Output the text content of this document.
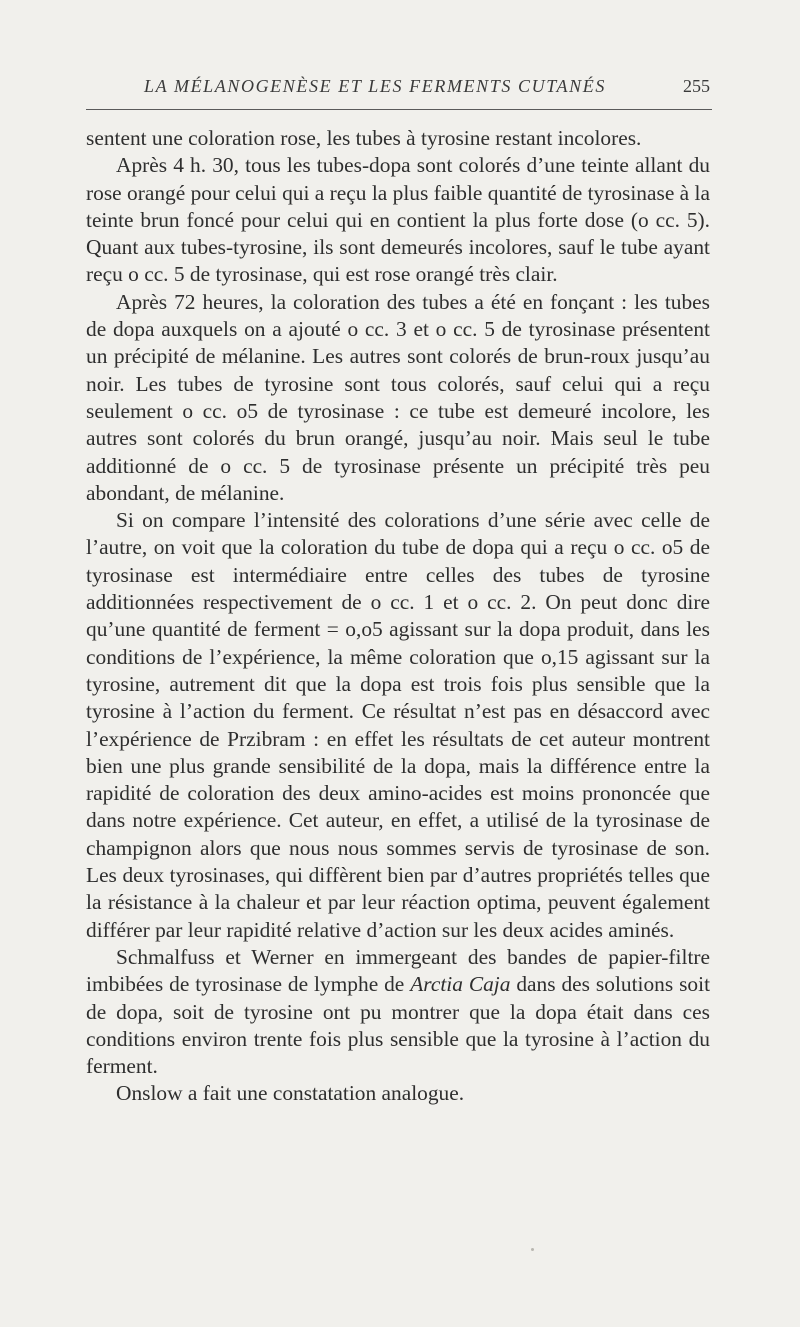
LA MÉLANOGENÈSE ET LES FERMENTS CUTANÉS	255

sentent une coloration rose, les tubes à tyrosine restant incolores.

Après 4 h. 30, tous les tubes-dopa sont colorés d’une teinte allant du rose orangé pour celui qui a reçu la plus faible quantité de tyrosinase à la teinte brun foncé pour celui qui en contient la plus forte dose (o cc. 5). Quant aux tubes-tyrosine, ils sont demeurés incolores, sauf le tube ayant reçu o cc. 5 de tyrosinase, qui est rose orangé très clair.

Après 72 heures, la coloration des tubes a été en fonçant : les tubes de dopa auxquels on a ajouté o cc. 3 et o cc. 5 de tyrosinase présentent un précipité de mélanine. Les autres sont colorés de brun-roux jusqu’au noir. Les tubes de tyrosine sont tous colorés, sauf celui qui a reçu seulement o cc. o5 de tyrosinase : ce tube est demeuré incolore, les autres sont colorés du brun orangé, jusqu’au noir. Mais seul le tube additionné de o cc. 5 de tyrosinase présente un précipité très peu abondant, de mélanine.

Si on compare l’intensité des colorations d’une série avec celle de l’autre, on voit que la coloration du tube de dopa qui a reçu o cc. o5 de tyrosinase est intermédiaire entre celles des tubes de tyrosine additionnées respectivement de o cc. 1 et o cc. 2. On peut donc dire qu’une quantité de ferment = o,o5 agissant sur la dopa produit, dans les conditions de l’expérience, la même coloration que o,15 agissant sur la tyrosine, autrement dit que la dopa est trois fois plus sensible que la tyrosine à l’action du ferment. Ce résultat n’est pas en désaccord avec l’expérience de Przibram : en effet les résultats de cet auteur montrent bien une plus grande sensibilité de la dopa, mais la différence entre la rapidité de coloration des deux amino-acides est moins prononcée que dans notre expérience. Cet auteur, en effet, a utilisé de la tyrosinase de champignon alors que nous nous sommes servis de tyrosinase de son. Les deux tyrosinases, qui diffèrent bien par d’autres propriétés telles que la résistance à la chaleur et par leur réaction optima, peuvent également différer par leur rapidité relative d’action sur les deux acides aminés.

Schmalfuss et Werner en immergeant des bandes de papier-filtre imbibées de tyrosinase de lymphe de Arctia Caja dans des solutions soit de dopa, soit de tyrosine ont pu montrer que la dopa était dans ces conditions environ trente fois plus sensible que la tyrosine à l’action du ferment.

Onslow a fait une constatation analogue.
